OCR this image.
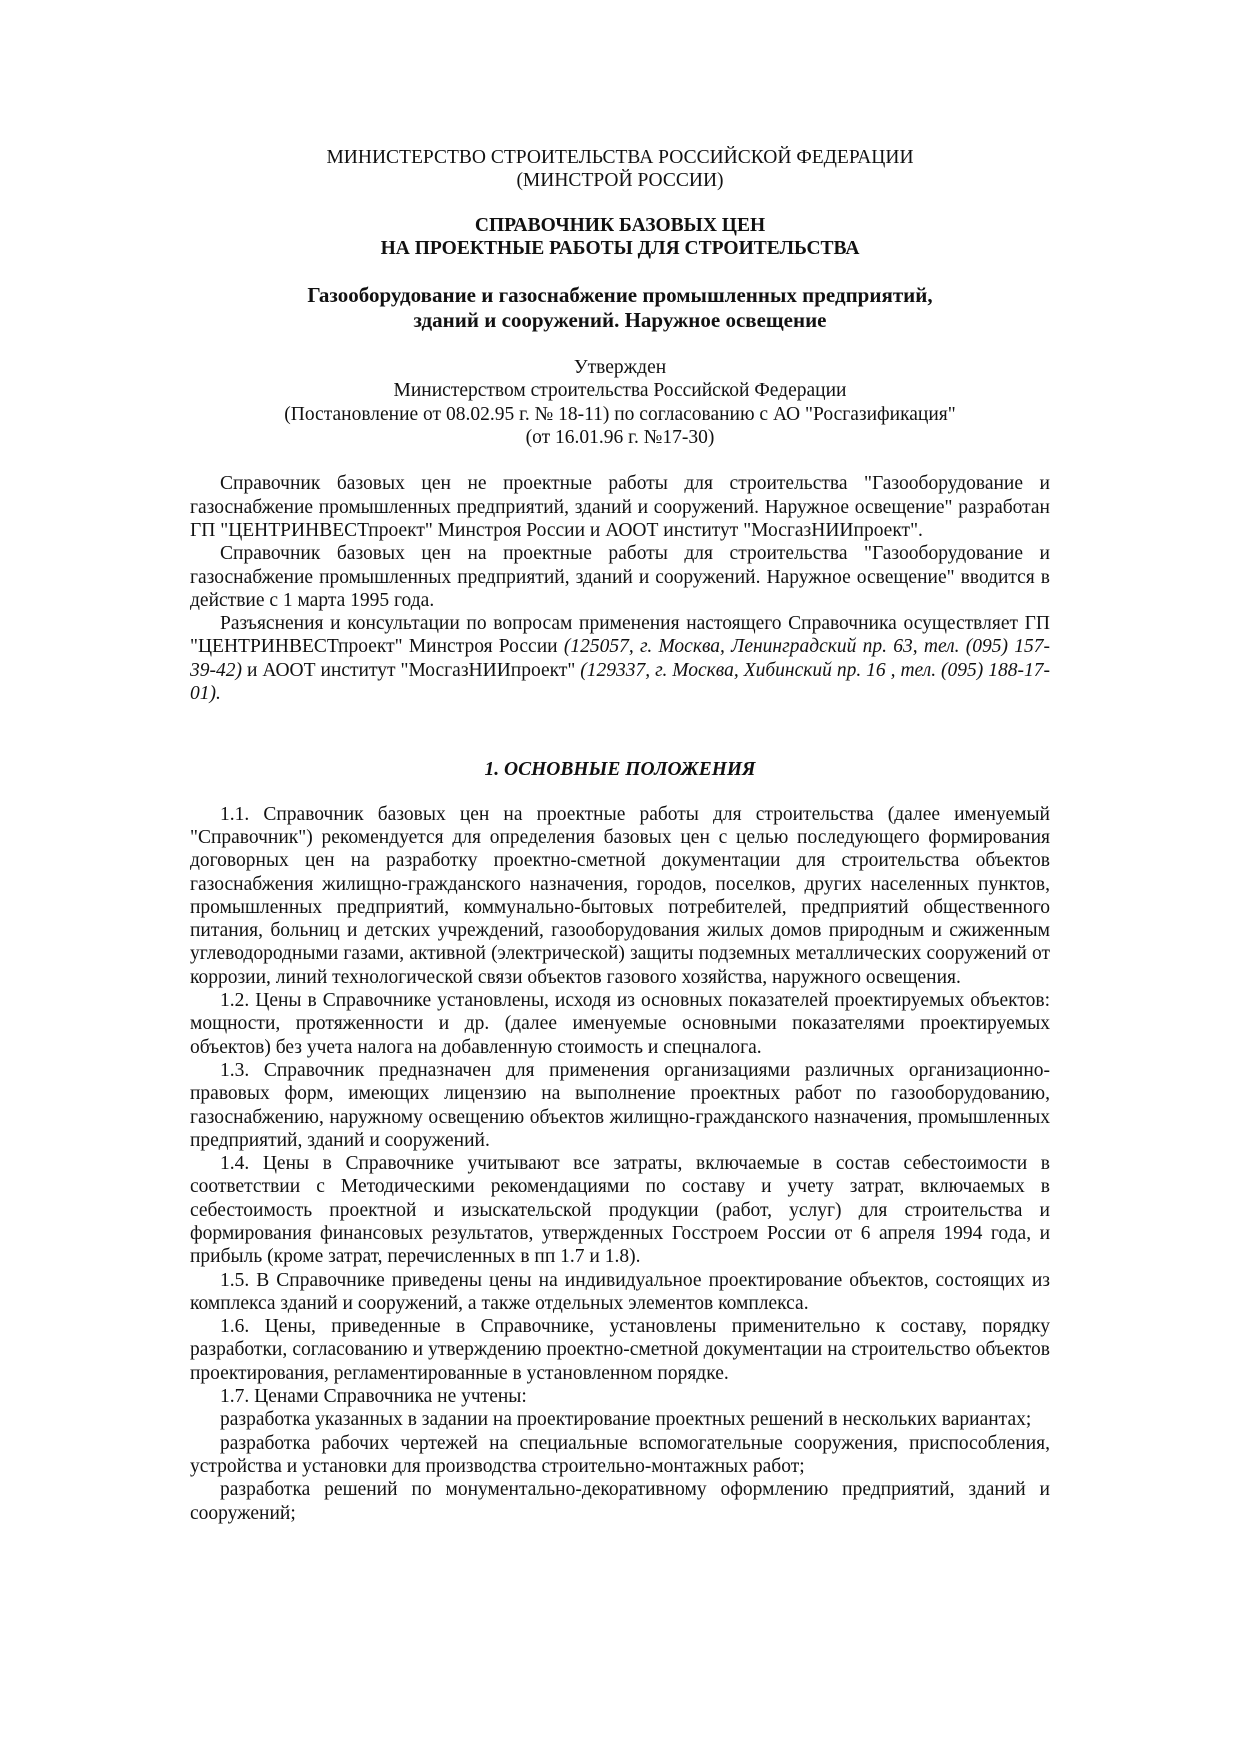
МИНИСТЕРСТВО СТРОИТЕЛЬСТВА РОССИЙСКОЙ ФЕДЕРАЦИИ
(МИНСТРОЙ РОССИИ)
СПРАВОЧНИК БАЗОВЫХ ЦЕН
НА ПРОЕКТНЫЕ РАБОТЫ ДЛЯ СТРОИТЕЛЬСТВА
Газооборудование и газоснабжение промышленных предприятий,
зданий и сооружений. Наружное освещение
Утвержден
Министерством строительства Российской Федерации
(Постановление от 08.02.95 г. № 18-11) по согласованию с АО "Росгазификация"
(от 16.01.96 г. №17-30)

Справочник базовых цен не проектные работы для строительства "Газооборудование и газоснабжение промышленных предприятий, зданий и сооружений. Наружное освещение" разработан ГП "ЦЕНТРИНВЕСТпроект" Минстроя России и АООТ институт "МосгазНИИпроект".

Справочник базовых цен на проектные работы для строительства "Газооборудование и газоснабжение промышленных предприятий, зданий и сооружений. Наружное освещение" вводится в действие с 1 марта 1995 года.

Разъяснения и консультации по вопросам применения настоящего Справочника осуществляет ГП "ЦЕНТРИНВЕСТпроект" Минстроя России (125057, г. Москва, Ленинградский пр. 63, тел. (095) 157-39-42) и АООТ институт "МосгазНИИпроект" (129337, г. Москва, Хибинский пр. 16 , тел. (095) 188-17-01).

1. ОСНОВНЫЕ ПОЛОЖЕНИЯ

1.1. Справочник базовых цен на проектные работы для строительства (далее именуемый "Справочник") рекомендуется для определения базовых цен с целью последующего формирования договорных цен на разработку проектно-сметной документации для строительства объектов газоснабжения жилищно-гражданского назначения, городов, поселков, других населенных пунктов, промышленных предприятий, коммунально-бытовых потребителей, предприятий общественного питания, больниц и детских учреждений, газооборудования жилых домов природным и сжиженным углеводородными газами, активной (электрической) защиты подземных металлических сооружений от коррозии, линий технологической связи объектов газового хозяйства, наружного освещения.

1.2. Цены в Справочнике установлены, исходя из основных показателей проектируемых объектов: мощности, протяженности и др. (далее именуемые основными показателями проектируемых объектов) без учета налога на добавленную стоимость и спецналога.

1.3. Справочник предназначен для применения организациями различных организационно-правовых форм, имеющих лицензию на выполнение проектных работ по газооборудованию, газоснабжению, наружному освещению объектов жилищно-гражданского назначения, промышленных предприятий, зданий и сооружений.

1.4. Цены в Справочнике учитывают все затраты, включаемые в состав себестоимости в соответствии с Методическими рекомендациями по составу и учету затрат, включаемых в себестоимость проектной и изыскательской продукции (работ, услуг) для строительства и формирования финансовых результатов, утвержденных Госстроем России от 6 апреля 1994 года, и прибыль (кроме затрат, перечисленных в пп 1.7 и 1.8).

1.5. В Справочнике приведены цены на индивидуальное проектирование объектов, состоящих из комплекса зданий и сооружений, а также отдельных элементов комплекса.

1.6. Цены, приведенные в Справочнике, установлены применительно к составу, порядку разработки, согласованию и утверждению проектно-сметной документации на строительство объектов проектирования, регламентированные в установленном порядке.

1.7. Ценами Справочника не учтены:

разработка указанных в задании на проектирование проектных решений в нескольких вариантах;

разработка рабочих чертежей на специальные вспомогательные сооружения, приспособления, устройства и установки для производства строительно-монтажных работ;

разработка решений по монументально-декоративному оформлению предприятий, зданий и сооружений;
